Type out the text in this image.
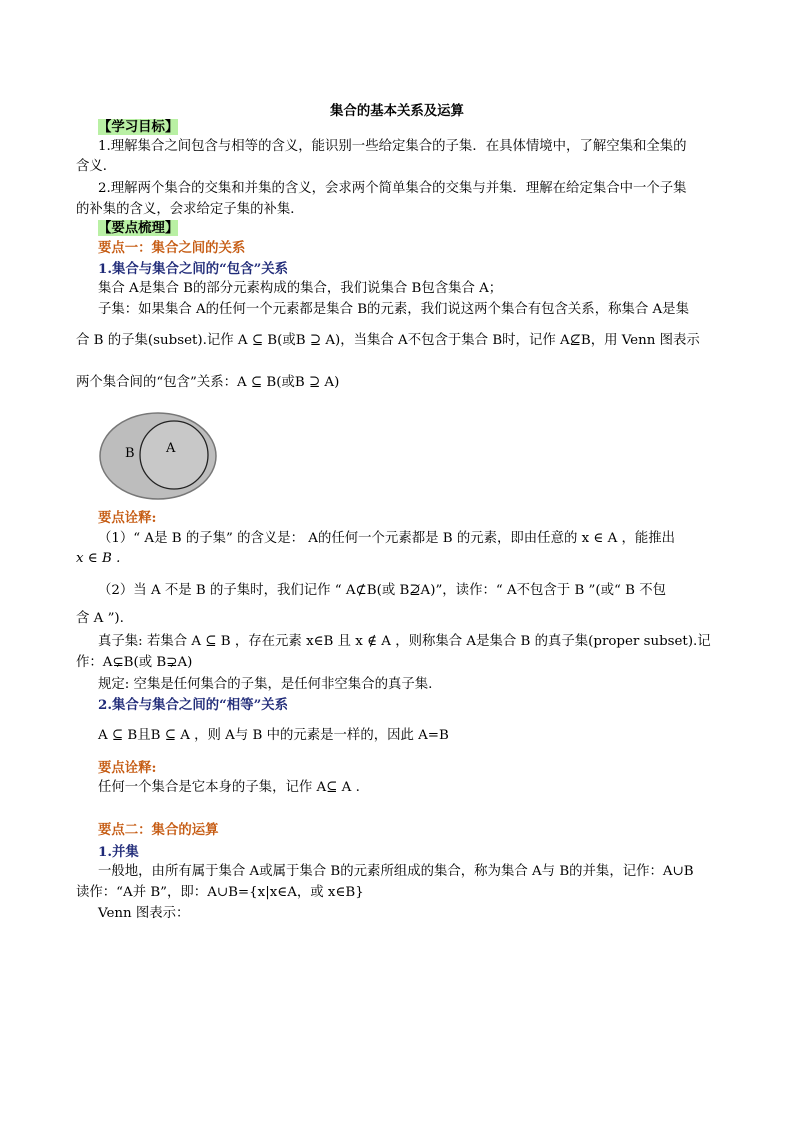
集合的基本关系及运算
【学习目标】
1.理解集合之间包含与相等的含义，能识别一些给定集合的子集．在具体情境中，了解空集和全集的
含义．
2.理解两个集合的交集和并集的含义，会求两个简单集合的交集与并集．理解在给定集合中一个子集
的补集的含义，会求给定子集的补集．
【要点梳理】
要点一：集合之间的关系
1.集合与集合之间的“包含”关系
集合 A是集合 B的部分元素构成的集合，我们说集合 B包含集合 A；
子集：如果集合 A的任何一个元素都是集合 B的元素，我们说这两个集合有包含关系，称集合 A是集
合 B 的子集(subset).记作 A ⊆ B(或B ⊇ A)，当集合 A不包含于集合 B时，记作 A⊈B，用 Venn 图表示
两个集合间的“包含”关系：A ⊆ B(或B ⊇ A)
B A
要点诠释:
（1）“ A是 B 的子集” 的含义是： A的任何一个元素都是 B 的元素，即由任意的 x ∈ A ，能推出
x ∈ B .
（2）当 A 不是 B 的子集时，我们记作 “ A⊄B(或 B⊉A)”，读作：“ A不包含于 B ”(或“ B 不包
含 A ”).
真子集: 若集合 A ⊆ B ，存在元素 x∈B 且 x ∉ A ，则称集合 A是集合 B 的真子集(proper subset).记
作：A⊊B(或 B⊋A)
规定: 空集是任何集合的子集，是任何非空集合的真子集.
2.集合与集合之间的“相等”关系
A ⊆ B且B ⊆ A ，则 A与 B 中的元素是一样的，因此 A=B
要点诠释:
任何一个集合是它本身的子集，记作 A⊆ A .
要点二：集合的运算
1.并集
一般地，由所有属于集合 A或属于集合 B的元素所组成的集合，称为集合 A与 B的并集，记作：A∪B
读作：“A并 B”，即：A∪B={x|x∈A，或 x∈B}
Venn 图表示：
